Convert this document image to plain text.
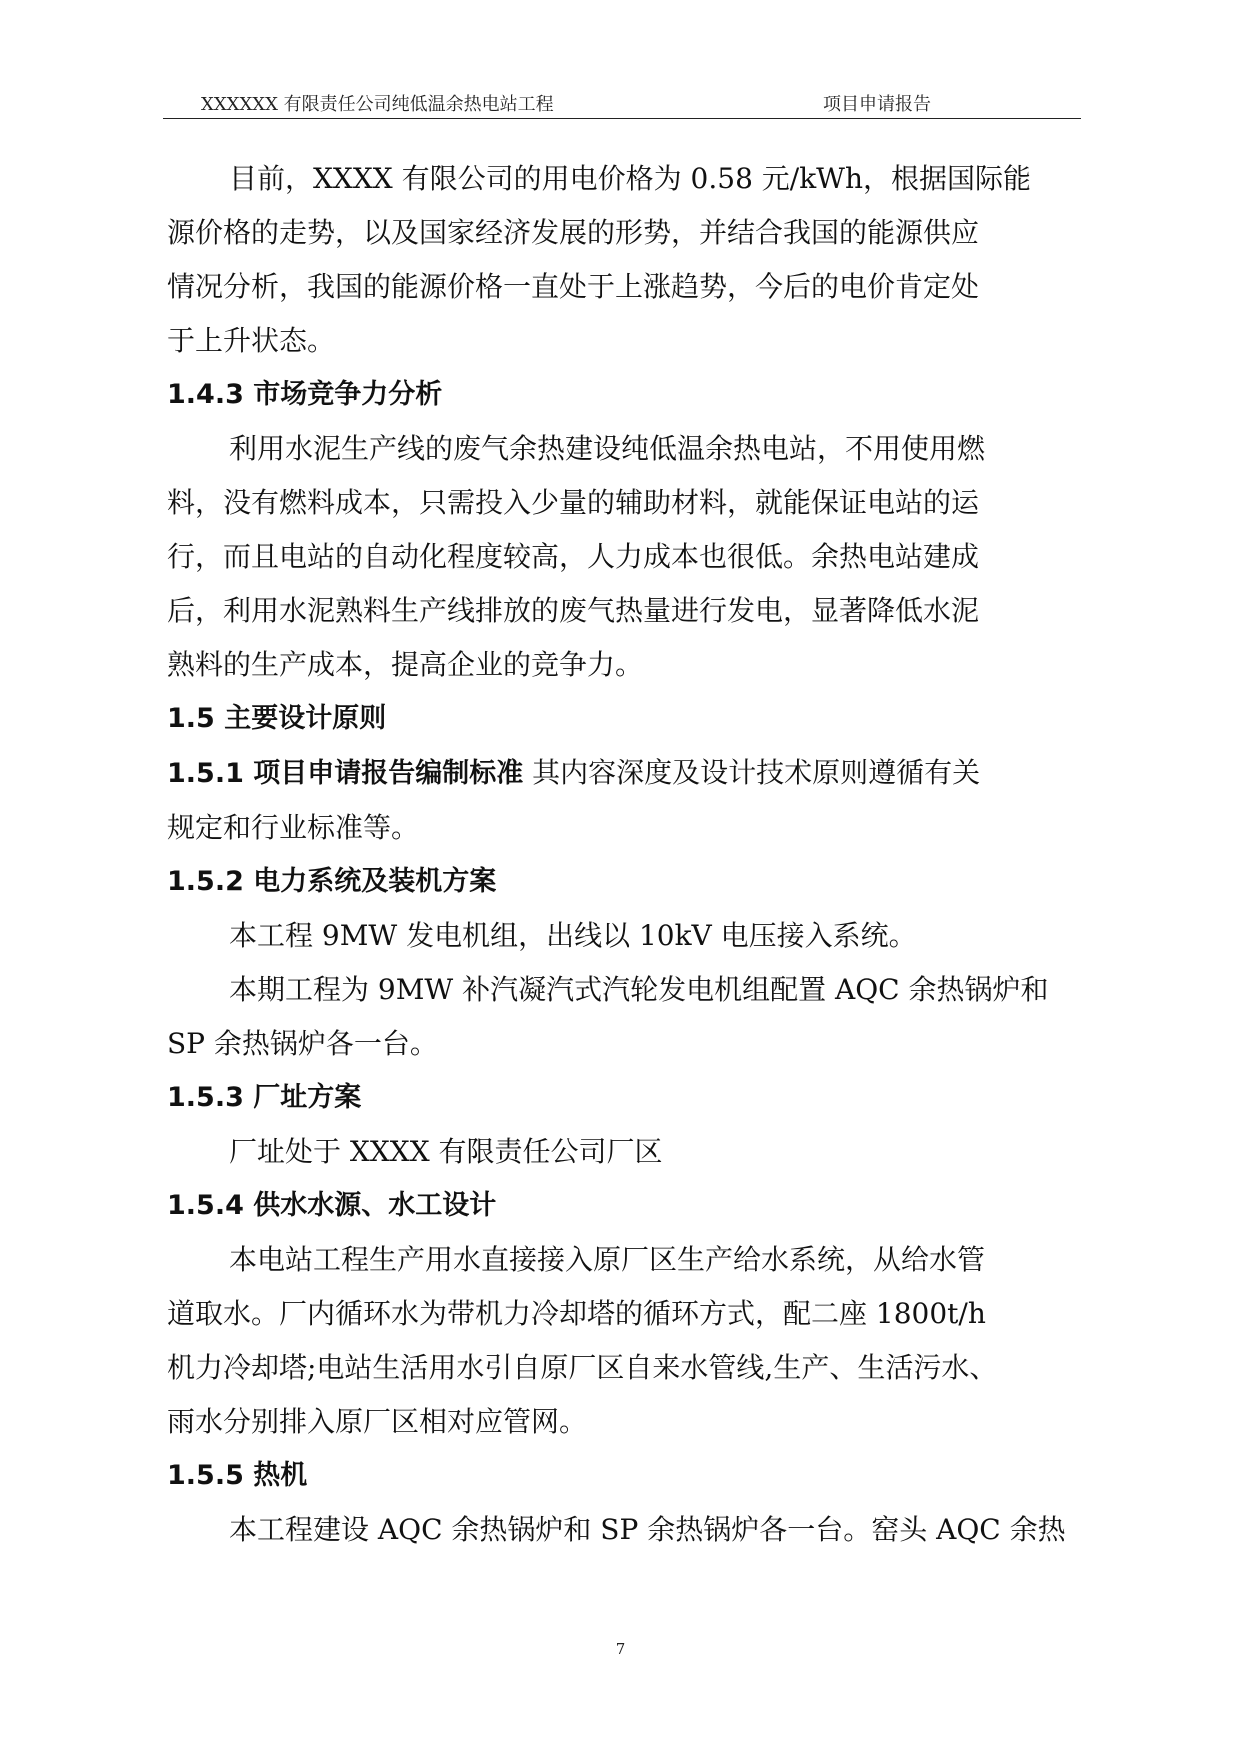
XXXXXX 有限责任公司纯低温余热电站工程	项目申请报告

目前，XXXX 有限公司的用电价格为 0.58 元/kWh，根据国际能

源价格的走势，以及国家经济发展的形势，并结合我国的能源供应

情况分析，我国的能源价格一直处于上涨趋势，今后的电价肯定处

于上升状态。

1.4.3 市场竞争力分析

利用水泥生产线的废气余热建设纯低温余热电站，不用使用燃

料，没有燃料成本，只需投入少量的辅助材料，就能保证电站的运

行，而且电站的自动化程度较高，人力成本也很低。余热电站建成

后，利用水泥熟料生产线排放的废气热量进行发电，显著降低水泥

熟料的生产成本，提高企业的竞争力。

1.5 主要设计原则

1.5.1 项目申请报告编制标准 其内容深度及设计技术原则遵循有关

规定和行业标准等。

1.5.2 电力系统及装机方案

本工程 9MW 发电机组，出线以 10kV 电压接入系统。

本期工程为 9MW 补汽凝汽式汽轮发电机组配置 AQC 余热锅炉和

SP 余热锅炉各一台。

1.5.3 厂址方案

厂址处于 XXXX 有限责任公司厂区

1.5.4 供水水源、水工设计

本电站工程生产用水直接接入原厂区生产给水系统，从给水管

道取水。厂内循环水为带机力冷却塔的循环方式，配二座 1800t/h

机力冷却塔;电站生活用水引自原厂区自来水管线,生产、生活污水、

雨水分别排入原厂区相对应管网。

1.5.5 热机

本工程建设 AQC 余热锅炉和 SP 余热锅炉各一台。窑头 AQC 余热

7
